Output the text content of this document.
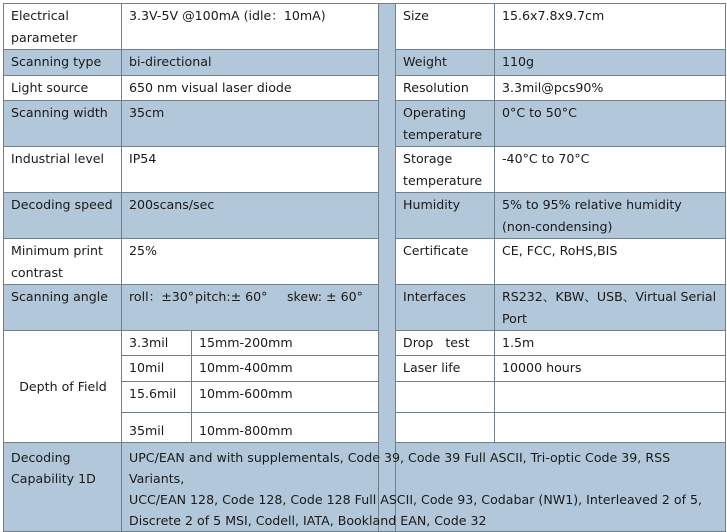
Electrical parameter	3.3V-5V @100mA (idle：10mA)			Size	15.6x7.8x9.7cm
Scanning type	bi-directional			Weight	110g
Light source	650 nm visual laser diode			Resolution	3.3mil@pcs90%
Scanning width	35cm			Operating temperature	0°C to 50°C
Industrial level	IP54			Storage temperature	-40°C to 70°C
Decoding speed	200scans/sec			Humidity	5% to 95% relative humidity
(non-condensing)

Minimum print contrast	25%			Certificate	CE, FCC, RoHS,BIS
Scanning angle	roll：±30°pitch:± 60° skew: ± 60°			Interfaces	RS232、KBW、USB、Virtual Serial
Port

Depth of Field	3.3mil	15mm-200mm		Drop   test	1.5m
	10mil	10mm-400mm		Laser life	10000 hours
	15.6mil	10mm-600mm			
	35mil	10mm-800mm			
Decoding Capability 1D	UPC/EAN and with supplementals, Code 39, Code 39 Full ASCII, Tri-optic Code 39, RSS Variants,
UCC/EAN 128, Code 128, Code 128 Full ASCII, Code 93, Codabar (NW1), Interleaved 2 of 5,
Discrete 2 of 5 MSI, Codell, IATA, Bookland EAN, Code 32				
